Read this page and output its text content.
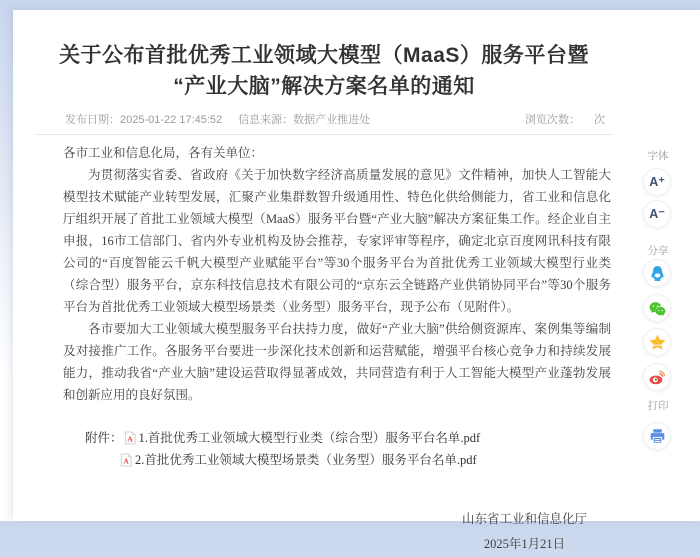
关于公布首批优秀工业领域大模型（MaaS）服务平台暨
“产业大脑”解决方案名单的通知
发布日期：2025-01-22 17:45:52 信息来源：数据产业推进处	浏览次数： 次

各市工业和信息化局，各有关单位：

为贯彻落实省委、省政府《关于加快数字经济高质量发展的意见》文件精神，加快人工智能大模型技术赋能产业转型发展，汇聚产业集群数智升级通用性、特色化供给侧能力，省工业和信息化厅组织开展了首批工业领域大模型（MaaS）服务平台暨“产业大脑”解决方案征集工作。经企业自主申报，16市工信部门、省内外专业机构及协会推荐，专家评审等程序，确定北京百度网讯科技有限公司的“百度智能云千帆大模型产业赋能平台”等30个服务平台为首批优秀工业领域大模型行业类（综合型）服务平台，京东科技信息技术有限公司的“京东云全链路产业供销协同平台”等30个服务平台为首批优秀工业领域大模型场景类（业务型）服务平台，现予公布（见附件）。

各市要加大工业领域大模型服务平台扶持力度，做好“产业大脑”供给侧资源库、案例集等编制及对接推广工作。各服务平台要进一步深化技术创新和运营赋能，增强平台核心竞争力和持续发展能力，推动我省“产业大脑”建设运营取得显著成效，共同营造有利于人工智能大模型产业蓬勃发展和创新应用的良好氛围。

附件： A 1.首批优秀工业领域大模型行业类（综合型）服务平台名单.pdf
A 2.首批优秀工业领域大模型场景类（业务型）服务平台名单.pdf
山东省工业和信息化厅
2025年1月21日
字体
A⁺
A⁻
分享
打印
